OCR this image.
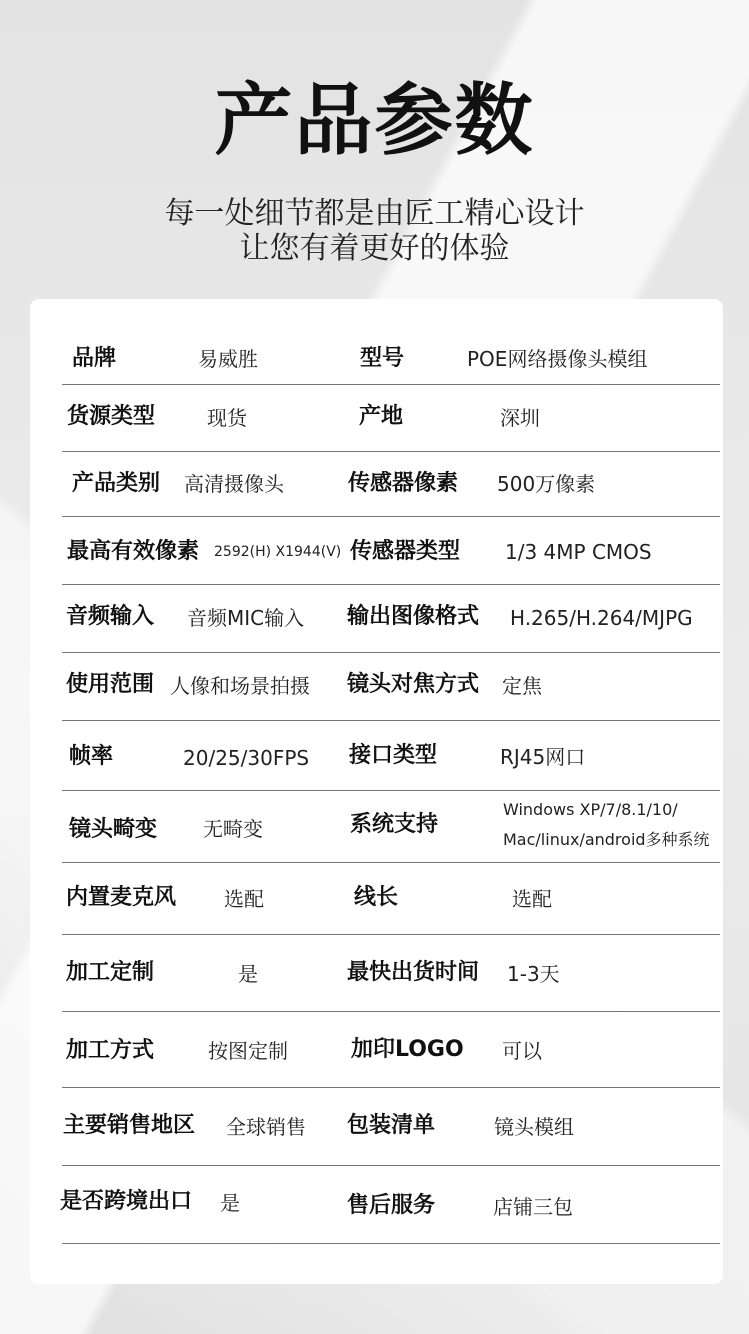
产品参数
每一处细节都是由匠工精心设计
让您有着更好的体验
品牌	易威胜	型号	POE网络摄像头模组
货源类型	现货	产地	深圳
产品类别 高清摄像头	传感器像素 500万像素
最高有效像素 2592(H) X1944(V) 传感器类型 1/3 4MP CMOS
音频输入 音频MIC输入 输出图像格式 H.265/H.264/MJPG
使用范围 人像和场景拍摄 镜头对焦方式 定焦
帧率	20/25/30FPS 接口类型	RJ45网口
镜头畸变 无畸变	系统支持
Windows XP/7/8.1/10/
Mac/linux/android多种系统
内置麦克风 选配	线长	选配
加工定制	是	最快出货时间 1-3天
加工方式	按图定制	加印LOGO 可以
主要销售地区 全球销售 包装清单	镜头模组
是否跨境出口 是	售后服务	店铺三包
